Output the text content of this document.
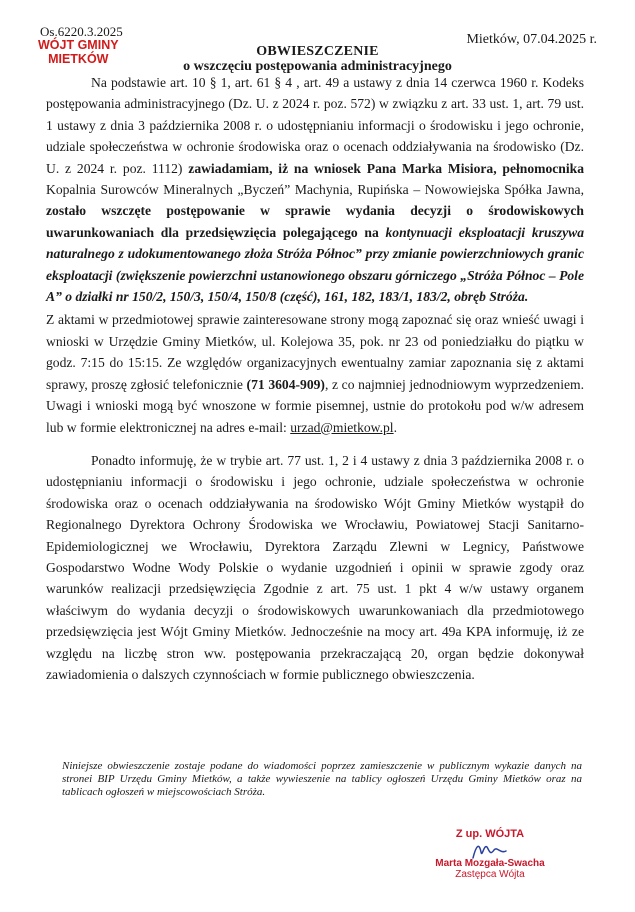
Os.6220.3.2025
WÓJT GMINY
MIETKÓW
Mietków, 07.04.2025 r.
OBWIESZCZENIE
o wszczęciu postępowania administracyjnego

Na podstawie art. 10 § 1, art. 61 § 4 , art. 49 a ustawy z dnia 14 czerwca 1960 r. Kodeks postępowania administracyjnego (Dz. U. z 2024 r. poz. 572) w związku z art. 33 ust. 1, art. 79 ust. 1 ustawy z dnia 3 października 2008 r. o udostępnianiu informacji o środowisku i jego ochronie, udziale społeczeństwa w ochronie środowiska oraz o ocenach oddziaływania na środowisko (Dz. U. z 2024 r. poz. 1112) zawiadamiam, iż na wniosek Pana Marka Misiora, pełnomocnika Kopalnia Surowców Mineralnych „Byczeń” Machynia, Rupińska – Nowowiejska Spółka Jawna, zostało wszczęte postępowanie w sprawie wydania decyzji o środowiskowych uwarunkowaniach dla przedsięwzięcia polegającego na kontynuacji eksploatacji kruszywa naturalnego z udokumentowanego złoża Stróża Północ” przy zmianie powierzchniowych granic eksploatacji (zwiększenie powierzchni ustanowionego obszaru górniczego „Stróża Północ – Pole A” o działki nr 150/2, 150/3, 150/4, 150/8 (część), 161, 182, 183/1, 183/2, obręb Stróża.

Z aktami w przedmiotowej sprawie zainteresowane strony mogą zapoznać się oraz wnieść uwagi i wnioski w Urzędzie Gminy Mietków, ul. Kolejowa 35, pok. nr 23 od poniedziałku do piątku w godz. 7:15 do 15:15. Ze względów organizacyjnych ewentualny zamiar zapoznania się z aktami sprawy, proszę zgłosić telefonicznie (71 3604-909), z co najmniej jednodniowym wyprzedzeniem. Uwagi i wnioski mogą być wnoszone w formie pisemnej, ustnie do protokołu pod w/w adresem lub w formie elektronicznej na adres e-mail: urzad@mietkow.pl.

Ponadto informuję, że w trybie art. 77 ust. 1, 2 i 4 ustawy z dnia 3 października 2008 r. o udostępnianiu informacji o środowisku i jego ochronie, udziale społeczeństwa w ochronie środowiska oraz o ocenach oddziaływania na środowisko Wójt Gminy Mietków wystąpił do Regionalnego Dyrektora Ochrony Środowiska we Wrocławiu, Powiatowej Stacji Sanitarno-Epidemiologicznej we Wrocławiu, Dyrektora Zarządu Zlewni w Legnicy, Państwowe Gospodarstwo Wodne Wody Polskie o wydanie uzgodnień i opinii w sprawie zgody oraz warunków realizacji przedsięwzięcia Zgodnie z art. 75 ust. 1 pkt 4 w/w ustawy organem właściwym do wydania decyzji o środowiskowych uwarunkowaniach dla przedmiotowego przedsięwzięcia jest Wójt Gminy Mietków. Jednocześnie na mocy art. 49a KPA informuję, iż ze względu na liczbę stron ww. postępowania przekraczającą 20, organ będzie dokonywał zawiadomienia o dalszych czynnościach w formie publicznego obwieszczenia.

Niniejsze obwieszczenie zostaje podane do wiadomości poprzez zamieszczenie w publicznym wykazie danych na stronei BIP Urzędu Gminy Mietków, a także wywieszenie na tablicy ogłoszeń Urzędu Gminy Mietków oraz na tablicach ogłoszeń w miejscowościach Stróża.
Z up. WÓJTA
Marta Mozgała-Swacha
Zastępca Wójta
